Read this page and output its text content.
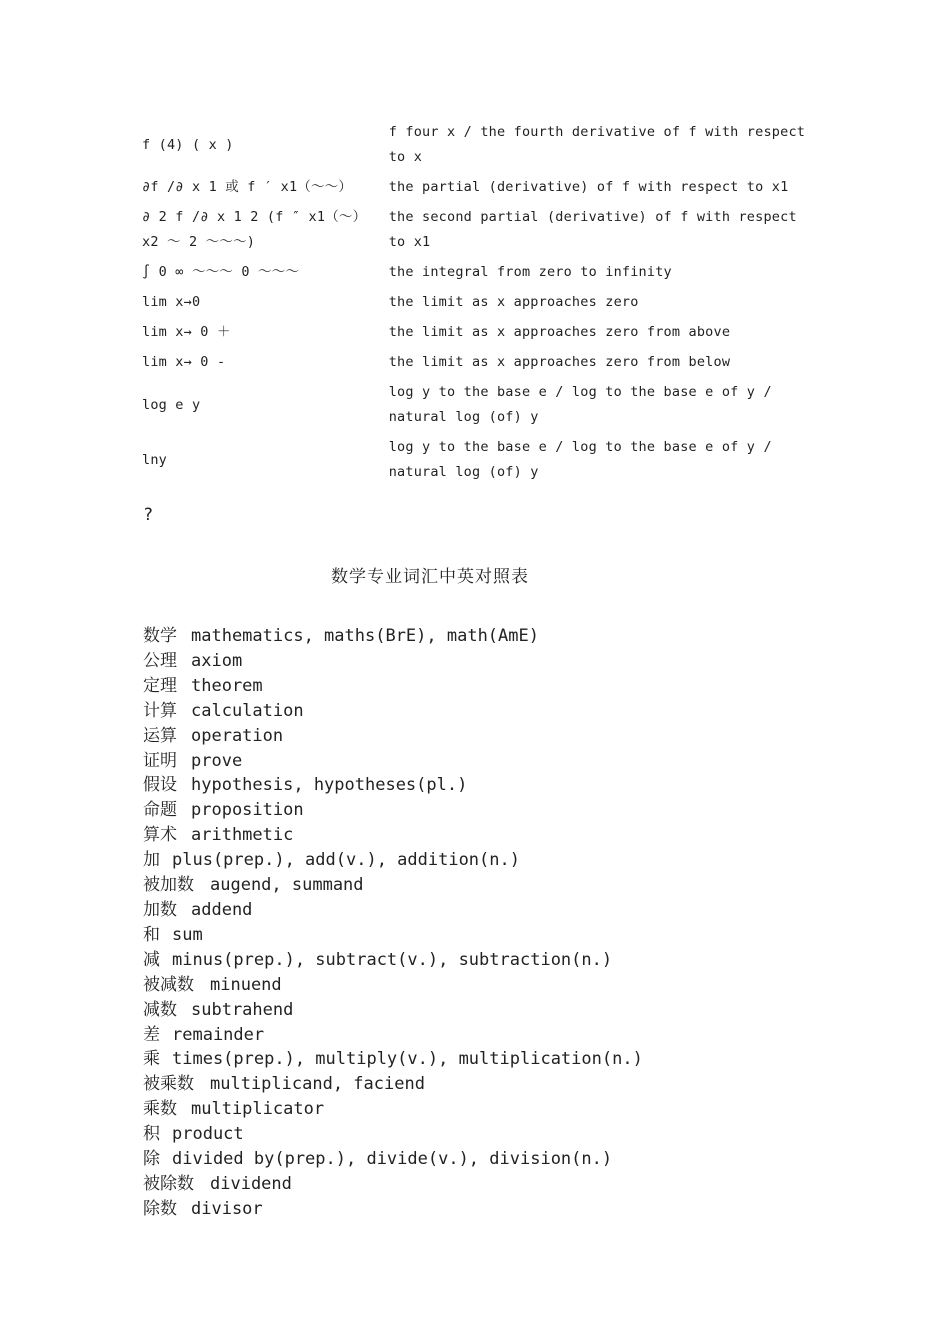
f (4) ( x )	f four x / the fourth derivative of f with respect to x
∂f /∂ x 1 或 f ′ x1（～～）	the partial (derivative) of f with respect to x1
∂ 2 f /∂ x 1 2 (f ″ x1（～） x2 ～ 2 ～～～)	the second partial (derivative) of f with respect to x1
∫ 0 ∞ ～～～ 0 ～～～	the integral from zero to infinity
lim x→0	the limit as x approaches zero
lim x→ 0 ＋	the limit as x approaches zero from above
lim x→ 0 -	the limit as x approaches zero from below
log e y	log y to the base e / log to the base e of y / natural log (of) y
lny	log y to the base e / log to the base e of y / natural log (of) y
?
数学专业词汇中英对照表
数学 mathematics, maths(BrE), math(AmE)
公理 axiom
定理 theorem
计算 calculation
运算 operation
证明 prove
假设 hypothesis, hypotheses(pl.)
命题 proposition
算术 arithmetic
加 plus(prep.), add(v.), addition(n.)
被加数 augend, summand
加数 addend
和 sum
减 minus(prep.), subtract(v.), subtraction(n.)
被减数 minuend
减数 subtrahend
差 remainder
乘 times(prep.), multiply(v.), multiplication(n.)
被乘数 multiplicand, faciend
乘数 multiplicator
积 product
除 divided by(prep.), divide(v.), division(n.)
被除数 dividend
除数 divisor
